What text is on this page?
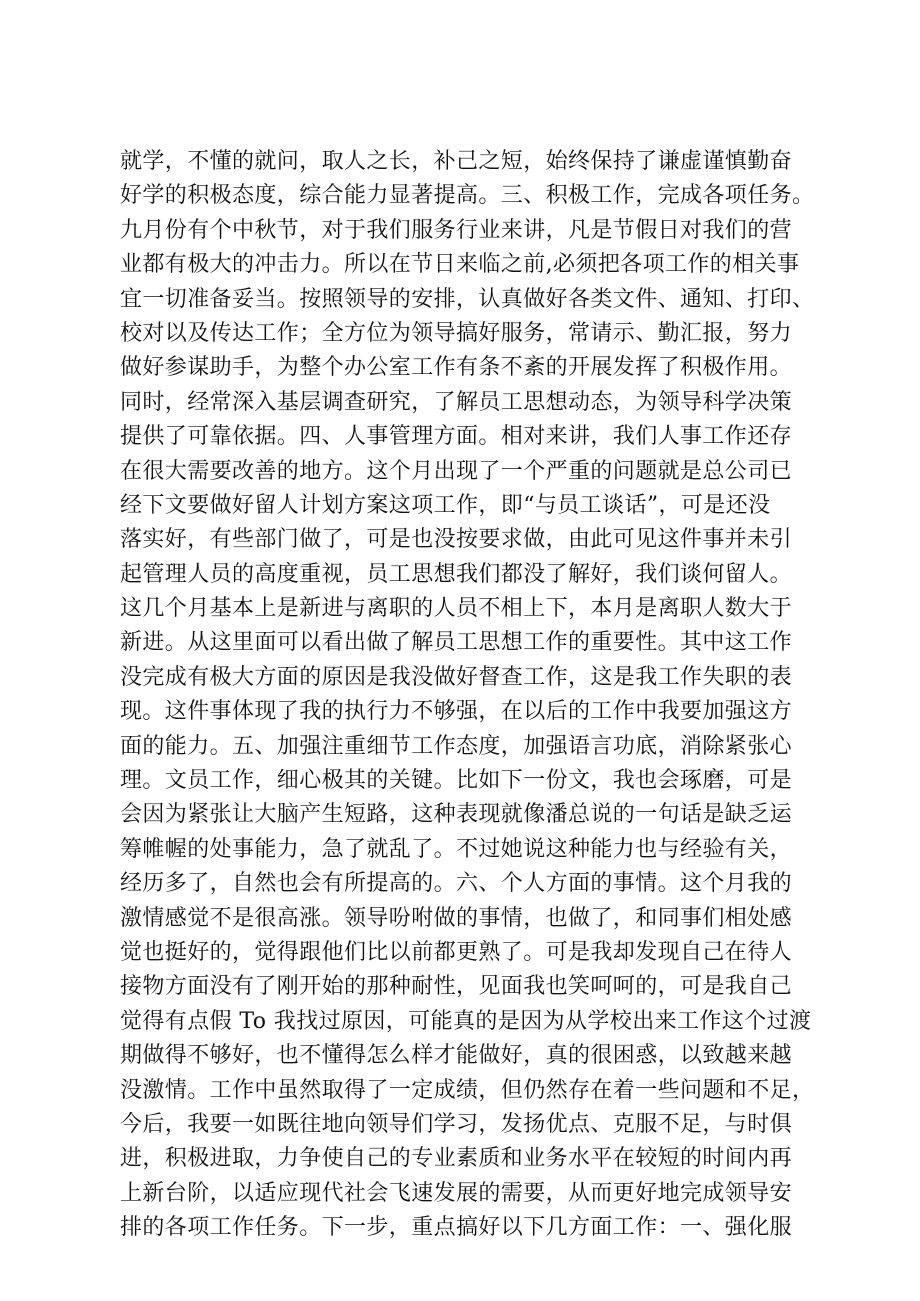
就学，不懂的就问，取人之长，补己之短，始终保持了谦虚谨慎勤奋
好学的积极态度，综合能力显著提高。三、积极工作，完成各项任务。
九月份有个中秋节，对于我们服务行业来讲，凡是节假日对我们的营
业都有极大的冲击力。所以在节日来临之前,必须把各项工作的相关事
宜一切准备妥当。按照领导的安排，认真做好各类文件、通知、打印、
校对以及传达工作；全方位为领导搞好服务，常请示、勤汇报，努力
做好参谋助手，为整个办公室工作有条不紊的开展发挥了积极作用。
同时，经常深入基层调查研究，了解员工思想动态，为领导科学决策
提供了可靠依据。四、人事管理方面。相对来讲，我们人事工作还存
在很大需要改善的地方。这个月出现了一个严重的问题就是总公司已
经下文要做好留人计划方案这项工作，即“与员工谈话”，可是还没
落实好，有些部门做了，可是也没按要求做，由此可见这件事并未引
起管理人员的高度重视，员工思想我们都没了解好，我们谈何留人。
这几个月基本上是新进与离职的人员不相上下，本月是离职人数大于
新进。从这里面可以看出做了解员工思想工作的重要性。其中这工作
没完成有极大方面的原因是我没做好督查工作，这是我工作失职的表
现。这件事体现了我的执行力不够强，在以后的工作中我要加强这方
面的能力。五、加强注重细节工作态度，加强语言功底，消除紧张心
理。文员工作，细心极其的关键。比如下一份文，我也会琢磨，可是
会因为紧张让大脑产生短路，这种表现就像潘总说的一句话是缺乏运
筹帷幄的处事能力，急了就乱了。不过她说这种能力也与经验有关，
经历多了，自然也会有所提高的。六、个人方面的事情。这个月我的
激情感觉不是很高涨。领导吩咐做的事情，也做了，和同事们相处感
觉也挺好的，觉得跟他们比以前都更熟了。可是我却发现自己在待人
接物方面没有了刚开始的那种耐性，见面我也笑呵呵的，可是我自己
觉得有点假 To 我找过原因，可能真的是因为从学校出来工作这个过渡
期做得不够好，也不懂得怎么样才能做好，真的很困惑，以致越来越
没激情。工作中虽然取得了一定成绩，但仍然存在着一些问题和不足，
今后，我要一如既往地向领导们学习，发扬优点、克服不足，与时俱
进，积极进取，力争使自己的专业素质和业务水平在较短的时间内再
上新台阶，以适应现代社会飞速发展的需要，从而更好地完成领导安
排的各项工作任务。下一步，重点搞好以下几方面工作：一、强化服
